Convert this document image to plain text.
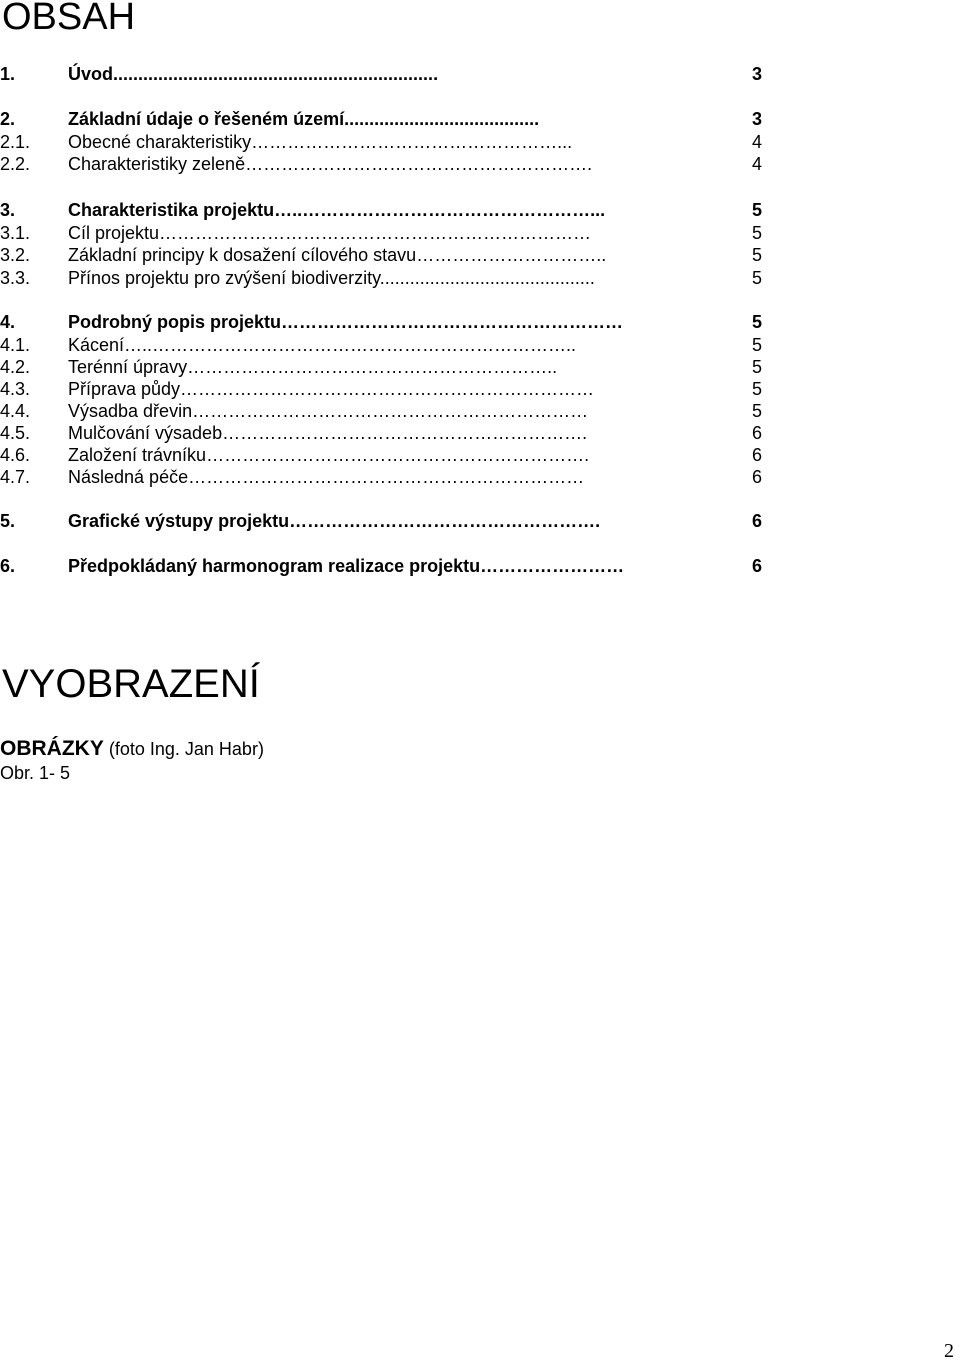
OBSAH
1.	Úvod.................................................................	3
2.	Základní údaje o řešeném území.......................................	3
2.1. Obecné charakteristiky……………………………………………...	4
2.2. Charakteristiky zeleně………………………………………………….	4
3.	Charakteristika projektu…..…………………………………………...	5
3.1. Cíl projektu………………………………………………………………	5
3.2. Základní principy k dosažení cílového stavu…………………………..	5
3.3. Přínos projektu pro zvýšení biodiverzity...........................................	5
4.	Podrobný popis projektu…………………………………………………	5
4.1. Kácení…..……………………………………………………………..	5
4.2. Terénní úpravy……………………………………………………..	5
4.3. Příprava půdy……………………………………………………………	5
4.4. Výsadba dřevin…………………………………………………………	5
4.5. Mulčování výsadeb…………………………………………………….	6
4.6. Založení trávníku……………………………………………………….	6
4.7. Následná péče…………………………………………………………	6
5.	Grafické výstupy projektu…………………………………………….	6
6.	Předpokládaný harmonogram realizace projektu……………………	6
VYOBRAZENÍ
OBRÁZKY (foto Ing. Jan Habr)
Obr. 1- 5
2
